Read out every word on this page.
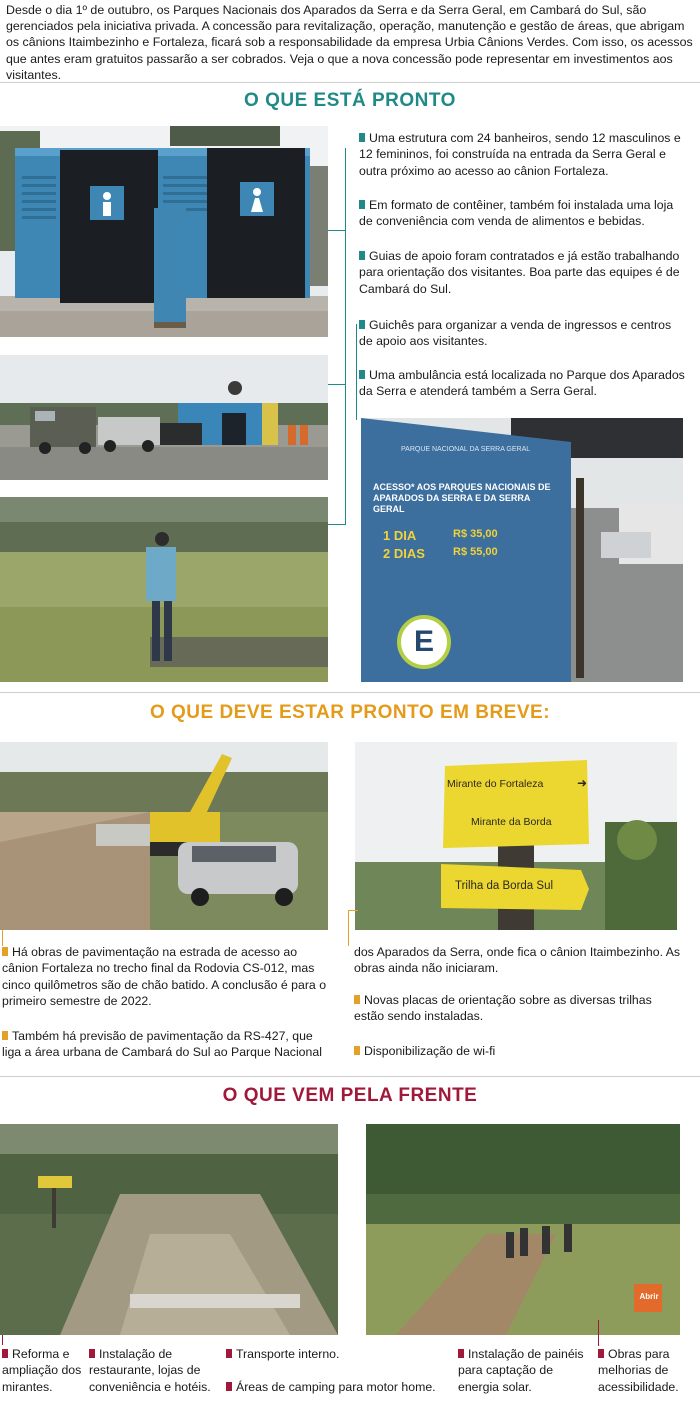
Desde o dia 1º de outubro, os Parques Nacionais dos Aparados da Serra e da Serra Geral, em Cambará do Sul, são gerenciados pela iniciativa privada. A concessão para revitalização, operação, manutenção e gestão de áreas, que abrigam os cânions Itaimbezinho e Fortaleza, ficará sob a responsabilidade da empresa Urbia Cânions Verdes. Com isso, os acessos que antes eram gratuitos passarão a ser cobrados. Veja o que a nova concessão pode representar em investimentos aos visitantes.
O QUE ESTÁ PRONTO
PARQUE NACIONAL DA SERRA GERAL
ACESSO* AOS PARQUES NACIONAIS DE APARADOS DA SERRA E DA SERRA GERAL
1 DIA	R$ 35,00
2 DIAS	R$ 55,00
E
Uma estrutura com 24 banheiros, sendo 12 masculinos e 12 femininos, foi construída na entrada da Serra Geral e outra próximo ao acesso ao cânion Fortaleza.
Em formato de contêiner, também foi instalada uma loja de conveniência com venda de alimentos e bebidas.
Guias de apoio foram contratados e já estão trabalhando para orientação dos visitantes. Boa parte das equipes é de Cambará do Sul.
Guichês para organizar a venda de ingressos e centros de apoio aos visitantes.
Uma ambulância está localizada no Parque dos Aparados da Serra e atenderá também a Serra Geral.
O QUE DEVE ESTAR PRONTO EM BREVE:
Mirante do Fortaleza	➜
Mirante da Borda
Trilha da Borda Sul
Há obras de pavimentação na estrada de acesso ao cânion Fortaleza no trecho final da Rodovia CS-012, mas cinco quilômetros são de chão batido. A conclusão é para o primeiro semestre de 2022.
Também há previsão de pavimentação da RS-427, que liga a área urbana de Cambará do Sul ao Parque Nacional
dos Aparados da Serra, onde fica o cânion Itaimbezinho. As obras ainda não iniciaram.
Novas placas de orientação sobre as diversas trilhas estão sendo instaladas.
Disponibilização de wi-fi
O QUE VEM PELA FRENTE
Abrir
Reforma e ampliação dos mirantes.
Instalação de restaurante, lojas de conveniência e hotéis.
Transporte interno.
Áreas de camping para motor home.
Instalação de painéis para captação de energia solar.
Obras para melhorias de acessibilidade.
